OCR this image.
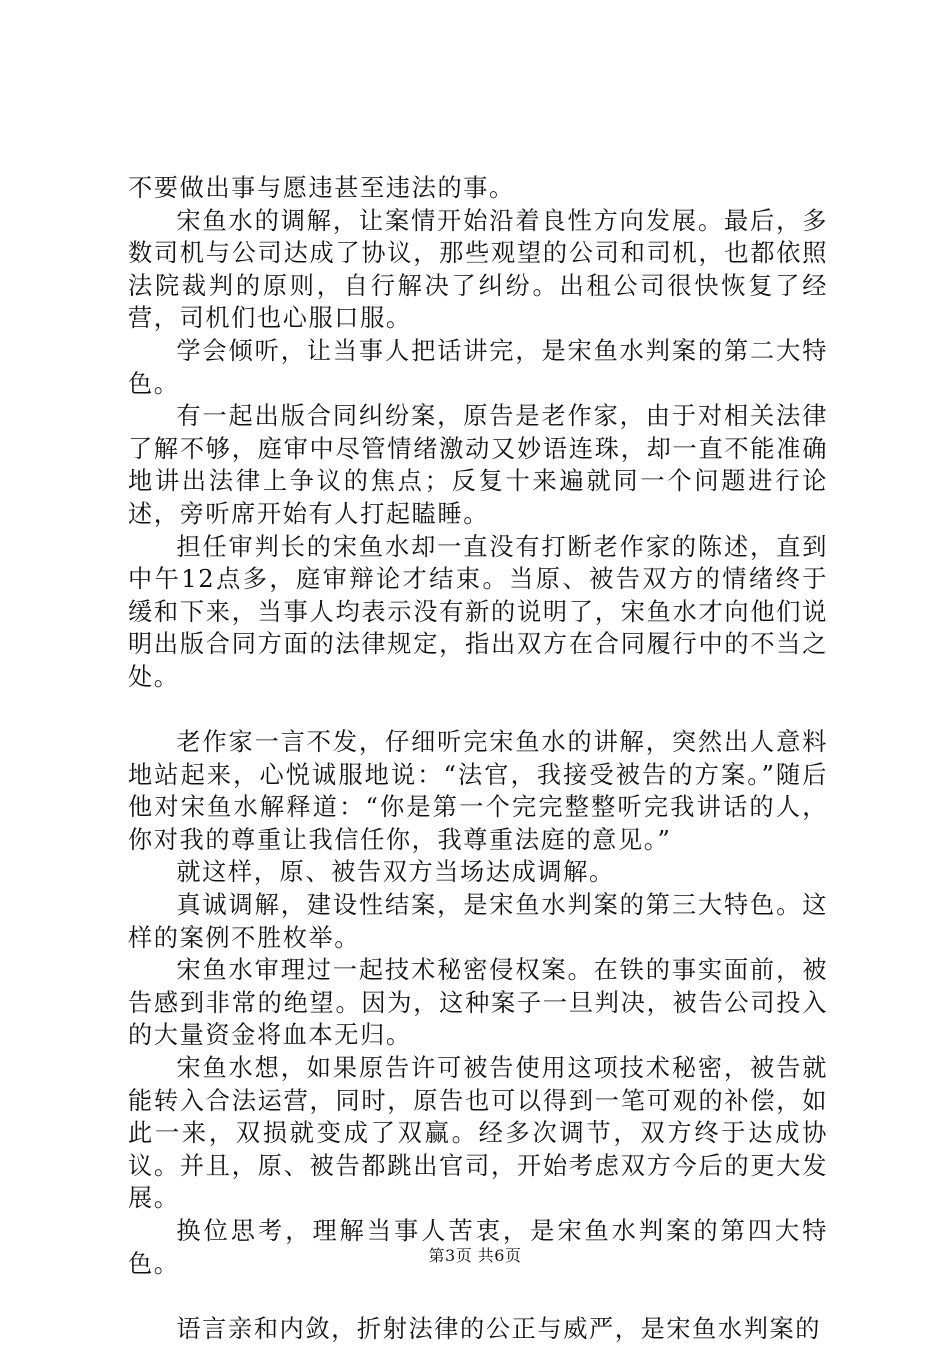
不要做出事与愿违甚至违法的事。

宋鱼水的调解，让案情开始沿着良性方向发展。最后，多数司机与公司达成了协议，那些观望的公司和司机，也都依照法院裁判的原则，自行解决了纠纷。出租公司很快恢复了经营，司机们也心服口服。

学会倾听，让当事人把话讲完，是宋鱼水判案的第二大特色。

有一起出版合同纠纷案，原告是老作家，由于对相关法律了解不够，庭审中尽管情绪激动又妙语连珠，却一直不能准确地讲出法律上争议的焦点；反复十来遍就同一个问题进行论述，旁听席开始有人打起瞌睡。

担任审判长的宋鱼水却一直没有打断老作家的陈述，直到中午12点多，庭审辩论才结束。当原、被告双方的情绪终于缓和下来，当事人均表示没有新的说明了，宋鱼水才向他们说明出版合同方面的法律规定，指出双方在合同履行中的不当之处。

老作家一言不发，仔细听完宋鱼水的讲解，突然出人意料地站起来，心悦诚服地说：“法官，我接受被告的方案。”随后他对宋鱼水解释道：“你是第一个完完整整听完我讲话的人，你对我的尊重让我信任你，我尊重法庭的意见。”

就这样，原、被告双方当场达成调解。

真诚调解，建设性结案，是宋鱼水判案的第三大特色。这样的案例不胜枚举。

宋鱼水审理过一起技术秘密侵权案。在铁的事实面前，被告感到非常的绝望。因为，这种案子一旦判决，被告公司投入的大量资金将血本无归。

宋鱼水想，如果原告许可被告使用这项技术秘密，被告就能转入合法运营，同时，原告也可以得到一笔可观的补偿，如此一来，双损就变成了双赢。经多次调节，双方终于达成协议。并且，原、被告都跳出官司，开始考虑双方今后的更大发展。

换位思考，理解当事人苦衷，是宋鱼水判案的第四大特色。

语言亲和内敛，折射法律的公正与威严，是宋鱼水判案的

第3页 共6页
